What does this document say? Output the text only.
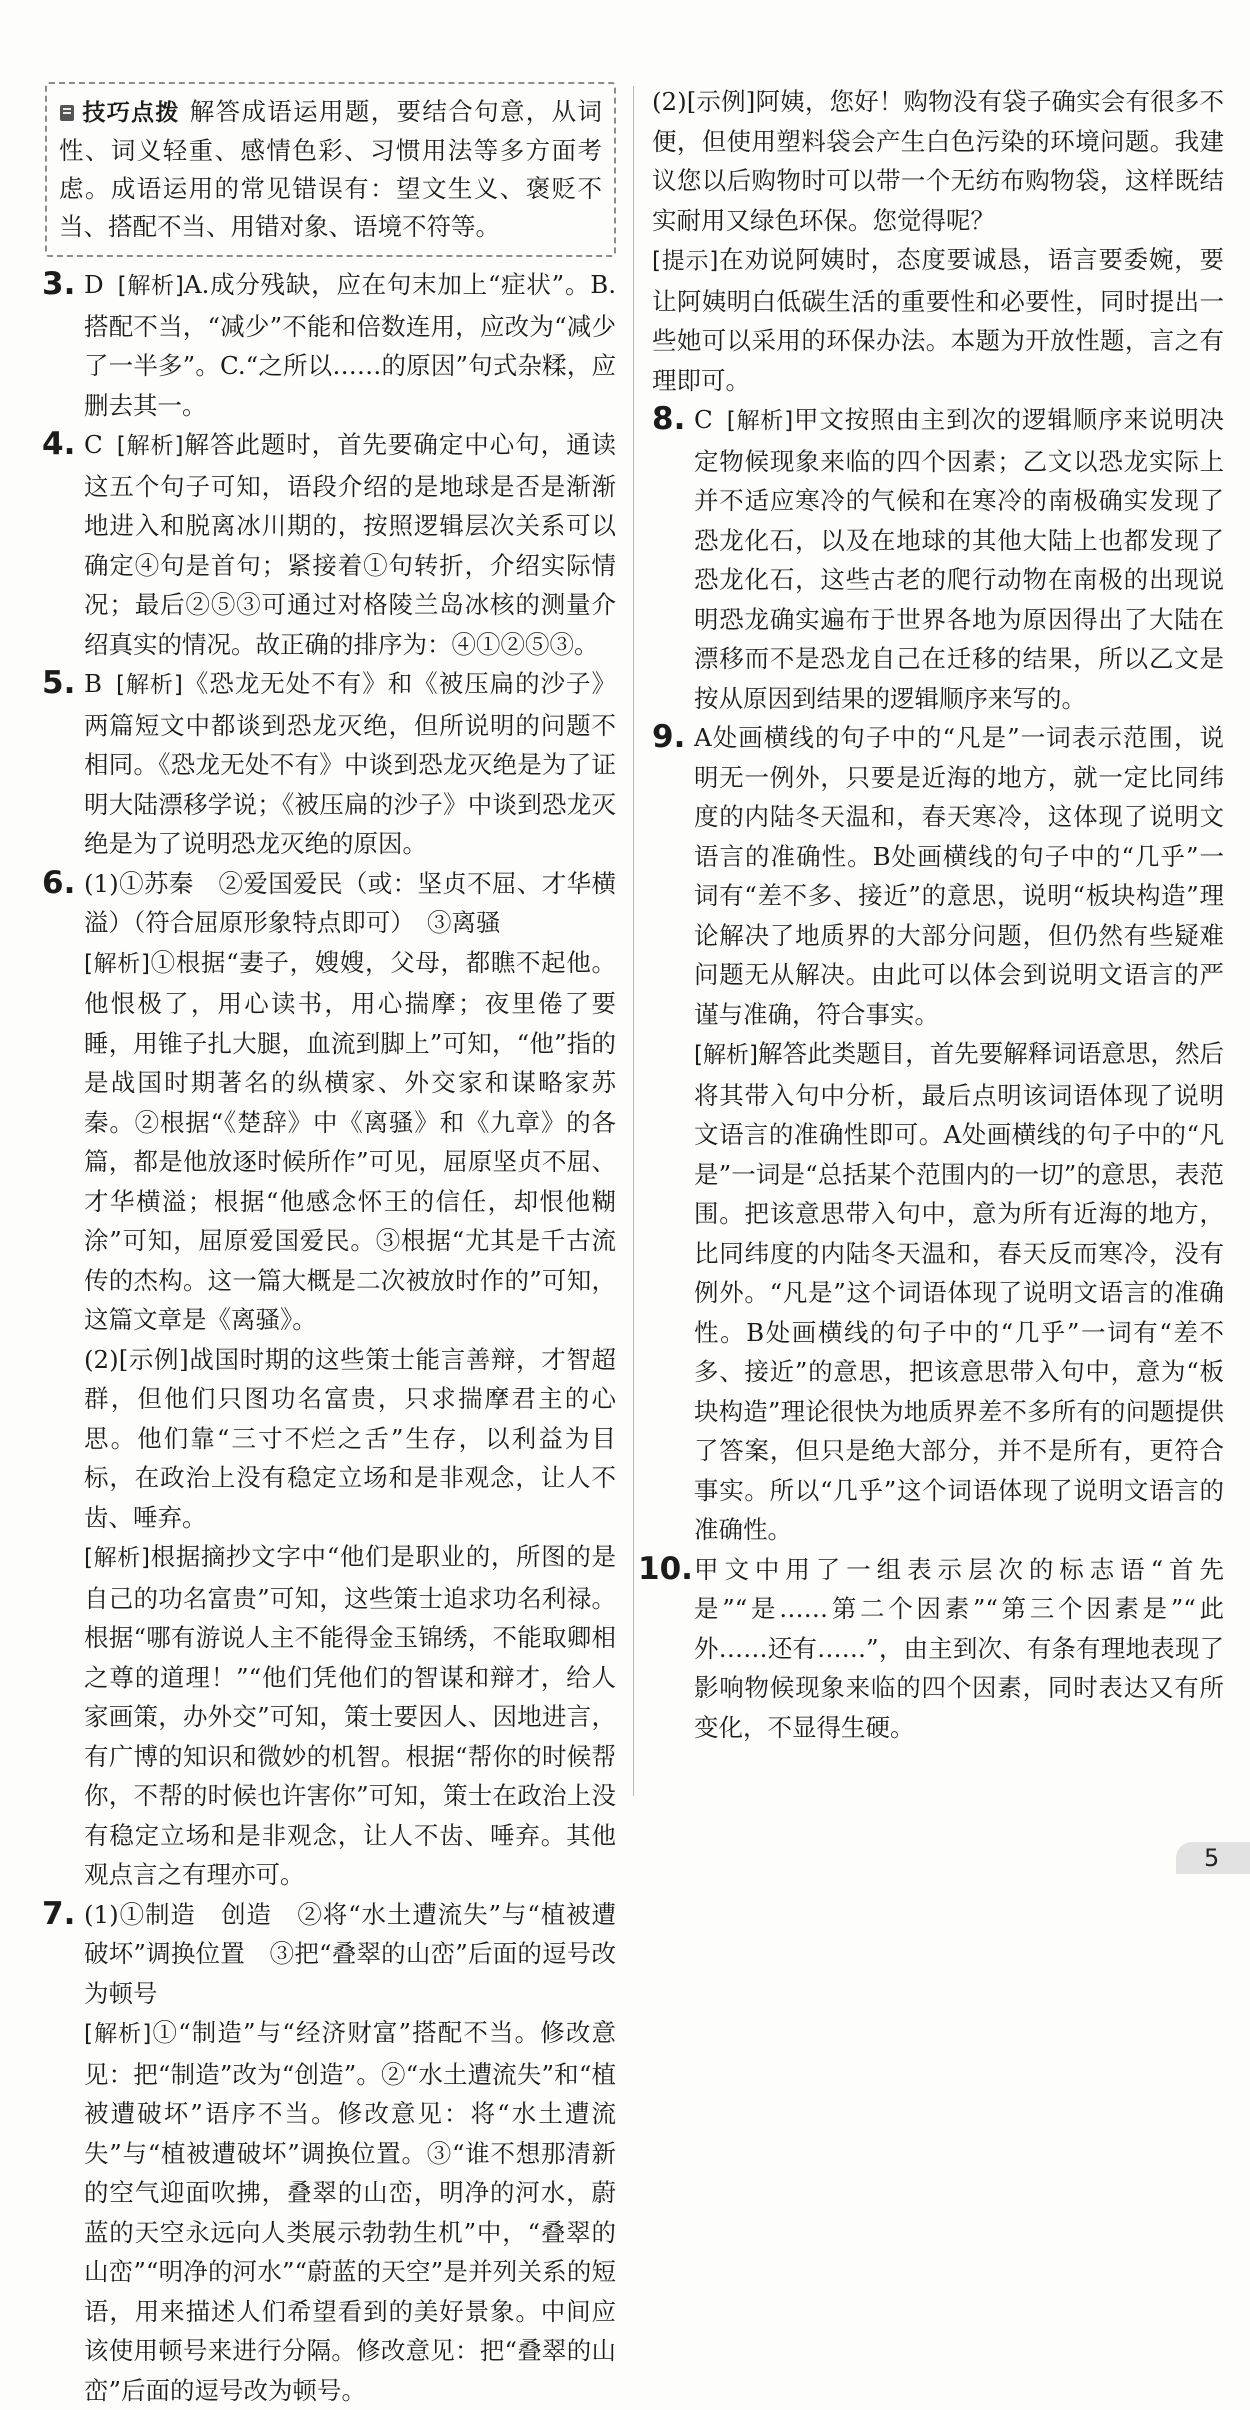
技巧点拨 解答成语运用题，要结合句意，从词性、词义轻重、感情色彩、习惯用法等多方面考虑。成语运用的常见错误有：望文生义、褒贬不当、搭配不当、用错对象、语境不符等。
3. D [解析]A.成分残缺，应在句末加上“症状”。B.搭配不当，“减少”不能和倍数连用，应改为“减少了一半多”。C.“之所以……的原因”句式杂糅，应删去其一。

4. C [解析]解答此题时，首先要确定中心句，通读这五个句子可知，语段介绍的是地球是否是渐渐地进入和脱离冰川期的，按照逻辑层次关系可以确定④句是首句；紧接着①句转折，介绍实际情况；最后②⑤③可通过对格陵兰岛冰核的测量介绍真实的情况。故正确的排序为：④①②⑤③。

5. B [解析]《恐龙无处不有》和《被压扁的沙子》两篇短文中都谈到恐龙灭绝，但所说明的问题不相同。《恐龙无处不有》中谈到恐龙灭绝是为了证明大陆漂移学说；《被压扁的沙子》中谈到恐龙灭绝是为了说明恐龙灭绝的原因。

6. (1)①苏秦　②爱国爱民（或：坚贞不屈、才华横溢）（符合屈原形象特点即可）　③离骚

[解析]①根据“妻子，嫂嫂，父母，都瞧不起他。他恨极了，用心读书，用心揣摩；夜里倦了要睡，用锥子扎大腿，血流到脚上”可知，“他”指的是战国时期著名的纵横家、外交家和谋略家苏秦。②根据“《楚辞》中《离骚》和《九章》的各篇，都是他放逐时候所作”可见，屈原坚贞不屈、才华横溢；根据“他感念怀王的信任，却恨他糊涂”可知，屈原爱国爱民。③根据“尤其是千古流传的杰构。这一篇大概是二次被放时作的”可知，这篇文章是《离骚》。

(2)[示例]战国时期的这些策士能言善辩，才智超群，但他们只图功名富贵，只求揣摩君主的心思。他们靠“三寸不烂之舌”生存，以利益为目标，在政治上没有稳定立场和是非观念，让人不齿、唾弃。

[解析]根据摘抄文字中“他们是职业的，所图的是自己的功名富贵”可知，这些策士追求功名利禄。根据“哪有游说人主不能得金玉锦绣，不能取卿相之尊的道理！”“他们凭他们的智谋和辩才，给人家画策，办外交”可知，策士要因人、因地进言，有广博的知识和微妙的机智。根据“帮你的时候帮你，不帮的时候也许害你”可知，策士在政治上没有稳定立场和是非观念，让人不齿、唾弃。其他观点言之有理亦可。

7. (1)①制造　创造　②将“水土遭流失”与“植被遭破坏”调换位置　③把“叠翠的山峦”后面的逗号改为顿号

[解析]①“制造”与“经济财富”搭配不当。修改意见：把“制造”改为“创造”。②“水土遭流失”和“植被遭破坏”语序不当。修改意见：将“水土遭流失”与“植被遭破坏”调换位置。③“谁不想那清新的空气迎面吹拂，叠翠的山峦，明净的河水，蔚蓝的天空永远向人类展示勃勃生机”中，“叠翠的山峦”“明净的河水”“蔚蓝的天空”是并列关系的短语，用来描述人们希望看到的美好景象。中间应该使用顿号来进行分隔。修改意见：把“叠翠的山峦”后面的逗号改为顿号。

(2)[示例]阿姨，您好！购物没有袋子确实会有很多不便，但使用塑料袋会产生白色污染的环境问题。我建议您以后购物时可以带一个无纺布购物袋，这样既结实耐用又绿色环保。您觉得呢？

[提示]在劝说阿姨时，态度要诚恳，语言要委婉，要让阿姨明白低碳生活的重要性和必要性，同时提出一些她可以采用的环保办法。本题为开放性题，言之有理即可。

8. C [解析]甲文按照由主到次的逻辑顺序来说明决定物候现象来临的四个因素；乙文以恐龙实际上并不适应寒冷的气候和在寒冷的南极确实发现了恐龙化石，以及在地球的其他大陆上也都发现了恐龙化石，这些古老的爬行动物在南极的出现说明恐龙确实遍布于世界各地为原因得出了大陆在漂移而不是恐龙自己在迁移的结果，所以乙文是按从原因到结果的逻辑顺序来写的。

9. A处画横线的句子中的“凡是”一词表示范围，说明无一例外，只要是近海的地方，就一定比同纬度的内陆冬天温和，春天寒冷，这体现了说明文语言的准确性。B处画横线的句子中的“几乎”一词有“差不多、接近”的意思，说明“板块构造”理论解决了地质界的大部分问题，但仍然有些疑难问题无从解决。由此可以体会到说明文语言的严谨与准确，符合事实。

[解析]解答此类题目，首先要解释词语意思，然后将其带入句中分析，最后点明该词语体现了说明文语言的准确性即可。A处画横线的句子中的“凡是”一词是“总括某个范围内的一切”的意思，表范围。把该意思带入句中，意为所有近海的地方，比同纬度的内陆冬天温和，春天反而寒冷，没有例外。“凡是”这个词语体现了说明文语言的准确性。B处画横线的句子中的“几乎”一词有“差不多、接近”的意思，把该意思带入句中，意为“板块构造”理论很快为地质界差不多所有的问题提供了答案，但只是绝大部分，并不是所有，更符合事实。所以“几乎”这个词语体现了说明文语言的准确性。

10. 甲文中用了一组表示层次的标志语“首先是”“是……第二个因素”“第三个因素是”“此外……还有……”，由主到次、有条有理地表现了影响物候现象来临的四个因素，同时表达又有所变化，不显得生硬。

5
